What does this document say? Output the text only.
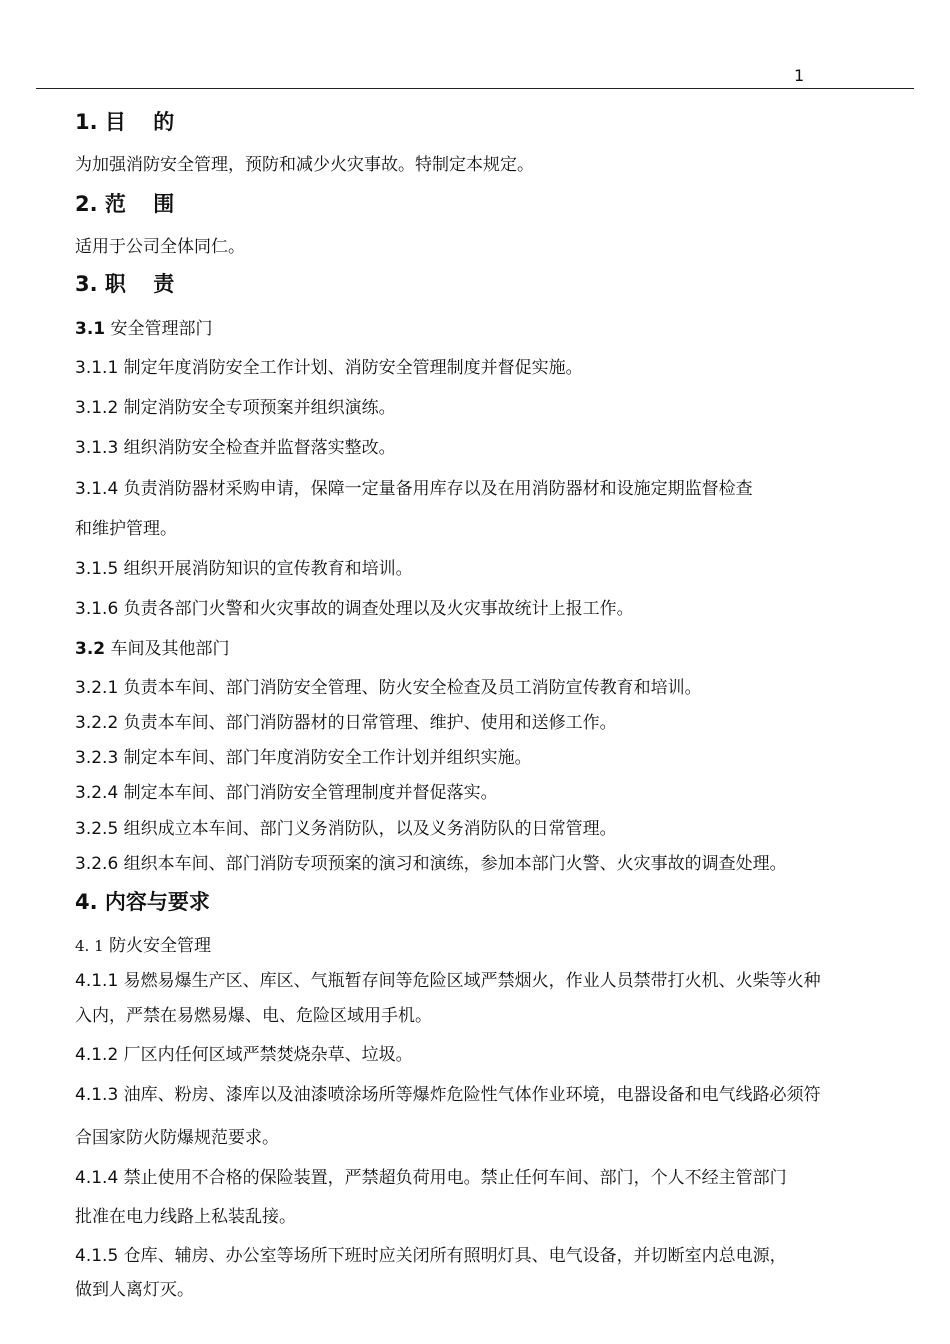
1
1. 目 的
为加强消防安全管理，预防和减少火灾事故。特制定本规定。
2. 范 围
适用于公司全体同仁。
3. 职 责
3.1 安全管理部门
3.1.1 制定年度消防安全工作计划、消防安全管理制度并督促实施。
3.1.2 制定消防安全专项预案并组织演练。
3.1.3 组织消防安全检查并监督落实整改。
3.1.4 负责消防器材采购申请，保障一定量备用库存以及在用消防器材和设施定期监督检查
和维护管理。
3.1.5 组织开展消防知识的宣传教育和培训。
3.1.6 负责各部门火警和火灾事故的调查处理以及火灾事故统计上报工作。
3.2 车间及其他部门
3.2.1 负责本车间、部门消防安全管理、防火安全检查及员工消防宣传教育和培训。
3.2.2 负责本车间、部门消防器材的日常管理、维护、使用和送修工作。
3.2.3 制定本车间、部门年度消防安全工作计划并组织实施。
3.2.4 制定本车间、部门消防安全管理制度并督促落实。
3.2.5 组织成立本车间、部门义务消防队，以及义务消防队的日常管理。
3.2.6 组织本车间、部门消防专项预案的演习和演练，参加本部门火警、火灾事故的调查处理。
4. 内容与要求
4. 1 防火安全管理
4.1.1 易燃易爆生产区、库区、气瓶暂存间等危险区域严禁烟火，作业人员禁带打火机、火柴等火种
入内，严禁在易燃易爆、电、危险区域用手机。
4.1.2 厂区内任何区域严禁焚烧杂草、垃圾。
4.1.3 油库、粉房、漆库以及油漆喷涂场所等爆炸危险性气体作业环境，电器设备和电气线路必须符
合国家防火防爆规范要求。
4.1.4 禁止使用不合格的保险装置，严禁超负荷用电。禁止任何车间、部门，个人不经主管部门
批准在电力线路上私装乱接。
4.1.5 仓库、辅房、办公室等场所下班时应关闭所有照明灯具、电气设备，并切断室内总电源，
做到人离灯灭。
